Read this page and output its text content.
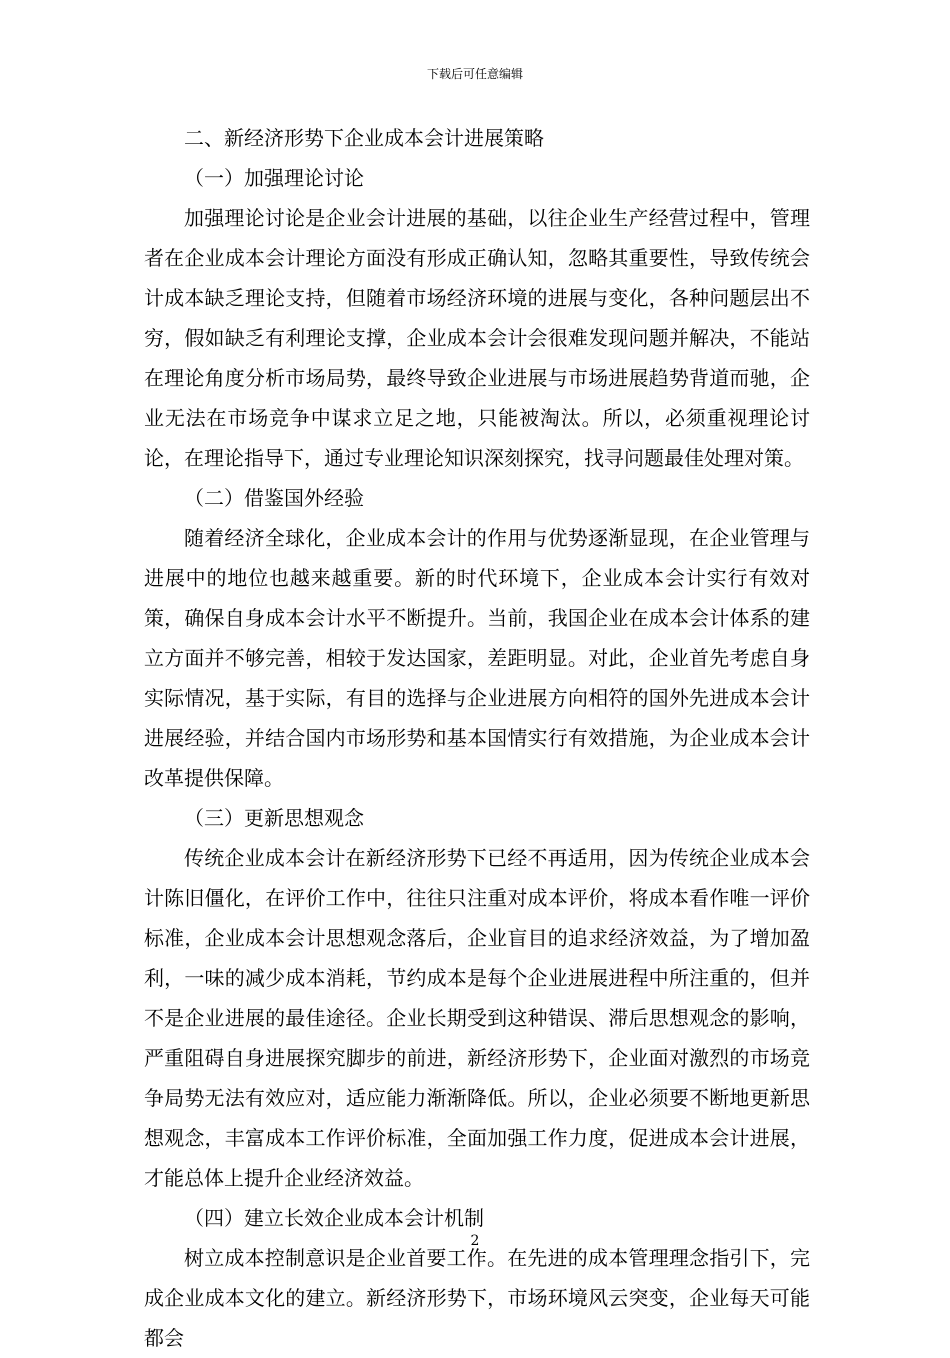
下载后可任意编辑

二、新经济形势下企业成本会计进展策略

（一）加强理论讨论

加强理论讨论是企业会计进展的基础，以往企业生产经营过程中，管理者在企业成本会计理论方面没有形成正确认知，忽略其重要性，导致传统会计成本缺乏理论支持，但随着市场经济环境的进展与变化，各种问题层出不穷，假如缺乏有利理论支撑，企业成本会计会很难发现问题并解决，不能站在理论角度分析市场局势，最终导致企业进展与市场进展趋势背道而驰，企业无法在市场竞争中谋求立足之地，只能被淘汰。所以，必须重视理论讨论，在理论指导下，通过专业理论知识深刻探究，找寻问题最佳处理对策。

（二）借鉴国外经验

随着经济全球化，企业成本会计的作用与优势逐渐显现，在企业管理与进展中的地位也越来越重要。新的时代环境下，企业成本会计实行有效对策，确保自身成本会计水平不断提升。当前，我国企业在成本会计体系的建立方面并不够完善，相较于发达国家，差距明显。对此，企业首先考虑自身实际情况，基于实际，有目的选择与企业进展方向相符的国外先进成本会计进展经验，并结合国内市场形势和基本国情实行有效措施，为企业成本会计改革提供保障。

（三）更新思想观念

传统企业成本会计在新经济形势下已经不再适用，因为传统企业成本会计陈旧僵化，在评价工作中，往往只注重对成本评价，将成本看作唯一评价标准，企业成本会计思想观念落后，企业盲目的追求经济效益，为了增加盈利，一味的减少成本消耗，节约成本是每个企业进展进程中所注重的，但并不是企业进展的最佳途径。企业长期受到这种错误、滞后思想观念的影响，严重阻碍自身进展探究脚步的前进，新经济形势下，企业面对激烈的市场竞争局势无法有效应对，适应能力渐渐降低。所以，企业必须要不断地更新思想观念，丰富成本工作评价标准，全面加强工作力度，促进成本会计进展，才能总体上提升企业经济效益。

（四）建立长效企业成本会计机制

树立成本控制意识是企业首要工作。在先进的成本管理理念指引下，完成企业成本文化的建立。新经济形势下，市场环境风云突变，企业每天可能都会

2
